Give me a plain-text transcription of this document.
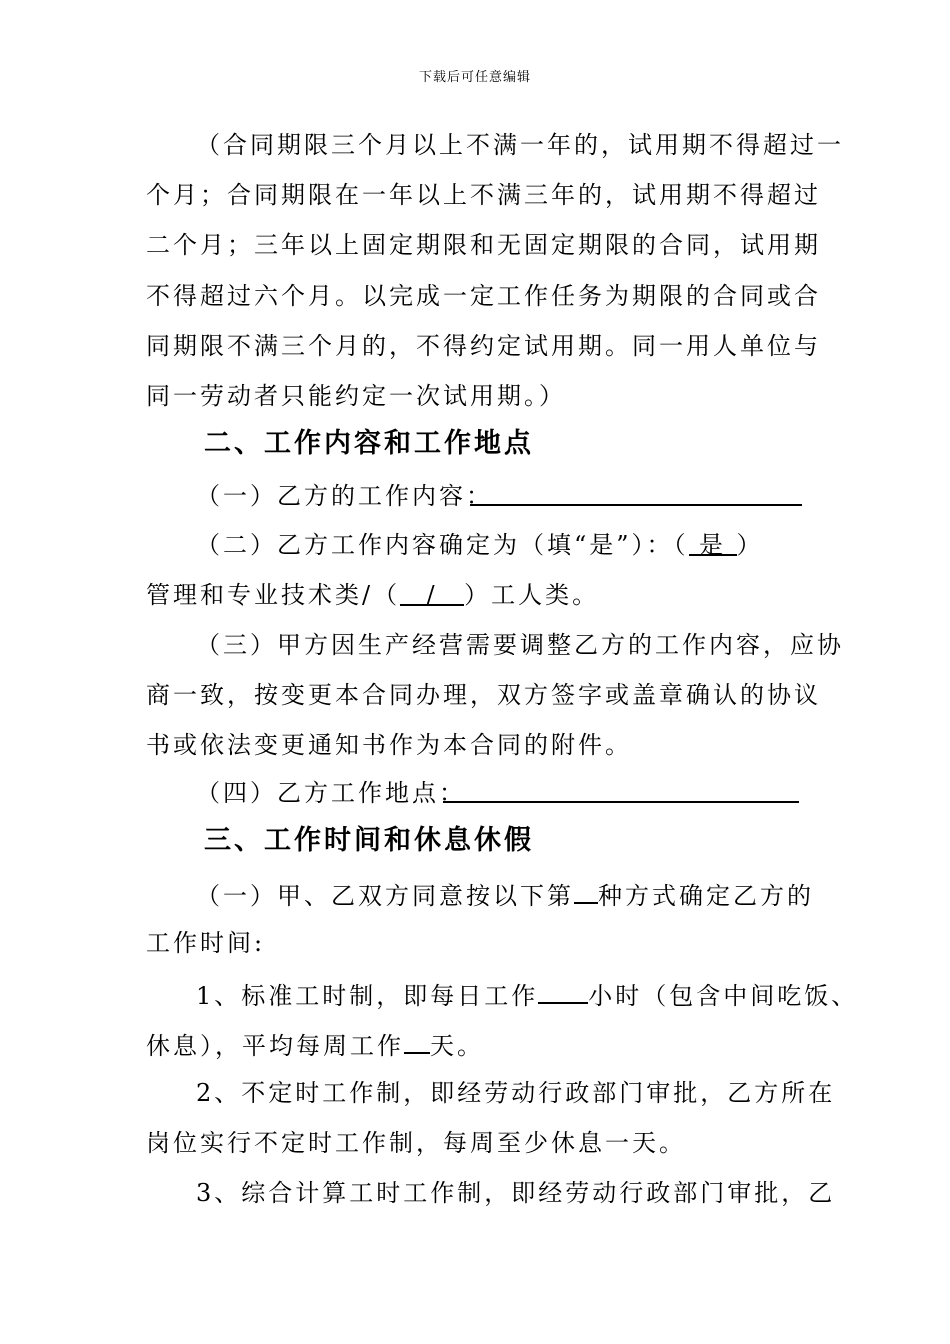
下载后可任意编辑
（合同期限三个月以上不满一年的，试用期不得超过一
个月；合同期限在一年以上不满三年的，试用期不得超过
二个月；三年以上固定期限和无固定期限的合同，试用期
不得超过六个月。以完成一定工作任务为期限的合同或合
同期限不满三个月的，不得约定试用期。同一用人单位与
同一劳动者只能约定一次试用期。）
二、工作内容和工作地点
（一）乙方的工作内容：
（二）乙方工作内容确定为（填“是”）：（ 是 ）
管理和专业技术类/（ / ）工人类。
（三）甲方因生产经营需要调整乙方的工作内容，应协
商一致，按变更本合同办理，双方签字或盖章确认的协议
书或依法变更通知书作为本合同的附件。
（四）乙方工作地点：
三、工作时间和休息休假
（一）甲、乙双方同意按以下第 种方式确定乙方的
工作时间:
1、标准工时制，即每日工作 小时（包含中间吃饭、
休息），平均每周工作 天。
2、不定时工作制，即经劳动行政部门审批，乙方所在
岗位实行不定时工作制，每周至少休息一天。
3、综合计算工时工作制，即经劳动行政部门审批，乙
